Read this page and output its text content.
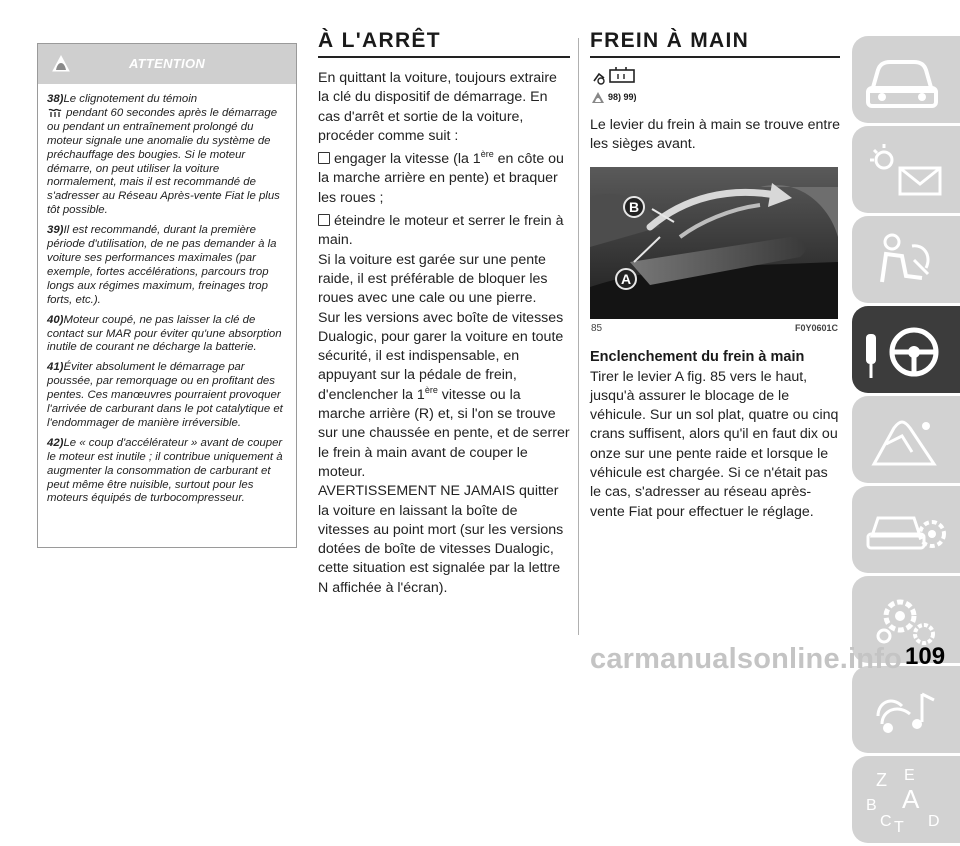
ATTENTION

38)Le clignotement du témoin
pendant 60 secondes après le démarrage ou pendant un entraînement prolongé du moteur signale une anomalie du système de préchauffage des bougies. Si le moteur démarre, on peut utiliser la voiture normalement, mais il est recommandé de s'adresser au Réseau Après-vente Fiat le plus tôt possible.

39)Il est recommandé, durant la première période d'utilisation, de ne pas demander à la voiture ses performances maximales (par exemple, fortes accélérations, parcours trop longs aux régimes maximum, freinages trop forts, etc.).

40)Moteur coupé, ne pas laisser la clé de contact sur MAR pour éviter qu'une absorption inutile de courant ne décharge la batterie.

41)Éviter absolument le démarrage par poussée, par remorquage ou en profitant des pentes. Ces manœuvres pourraient provoquer l'arrivée de carburant dans le pot catalytique et l'endommager de manière irréversible.

42)Le « coup d'accélérateur » avant de couper le moteur est inutile ; il contribue uniquement à augmenter la consommation de carburant et peut même être nuisible, surtout pour les moteurs équipés de turbocompresseur.

À L'ARRÊT

En quittant la voiture, toujours extraire la clé du dispositif de démarrage. En cas d'arrêt et sortie de la voiture, procéder comme suit :

engager la vitesse (la 1ère en côte ou la marche arrière en pente) et braquer les roues ;

éteindre le moteur et serrer le frein à main.

Si la voiture est garée sur une pente raide, il est préférable de bloquer les roues avec une cale ou une pierre.

Sur les versions avec boîte de vitesses Dualogic, pour garer la voiture en toute sécurité, il est indispensable, en appuyant sur la pédale de frein, d'enclencher la 1ère vitesse ou la marche arrière (R) et, si l'on se trouve sur une chaussée en pente, et de serrer le frein à main avant de couper le moteur.

AVERTISSEMENT NE JAMAIS quitter la voiture en laissant la boîte de vitesses au point mort (sur les versions dotées de boîte de vitesses Dualogic, cette situation est signalée par la lettre N affichée à l'écran).

FREIN À MAIN
98) 99)

Le levier du frein à main se trouve entre les sièges avant.

B
A
85	F0Y0601C
Enclenchement du frein à main

Tirer le levier A fig. 85 vers le haut, jusqu'à assurer le blocage de le véhicule. Sur un sol plat, quatre ou cinq crans suffisent, alors qu'il en faut dix ou onze sur une pente raide et lorsque le véhicule est chargée. Si ce n'était pas le cas, s'adresser au réseau après-vente Fiat pour effectuer le réglage.

Z E
B A
C T D
109
carmanualsonline.info
